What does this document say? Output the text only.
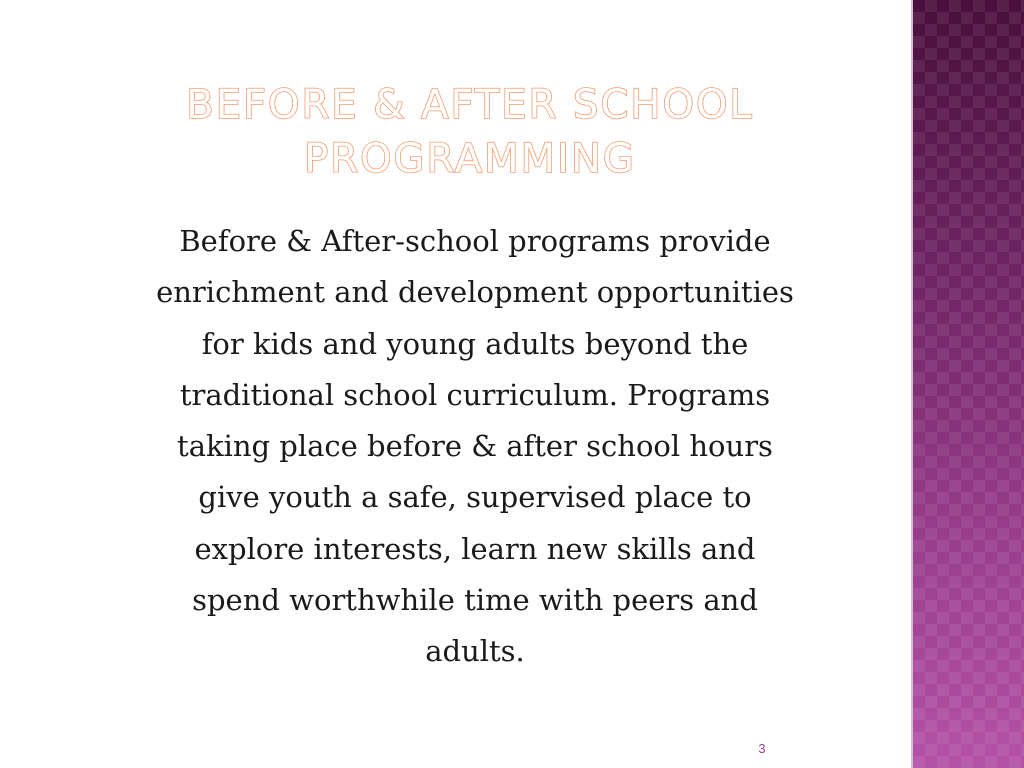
BEFORE & AFTER SCHOOL
PROGRAMMING

Before & After-school programs provide
enrichment and development opportunities
for kids and young adults beyond the
traditional school curriculum. Programs
taking place before & after school hours
give youth a safe, supervised place to
explore interests, learn new skills and
spend worthwhile time with peers and
adults.

3
